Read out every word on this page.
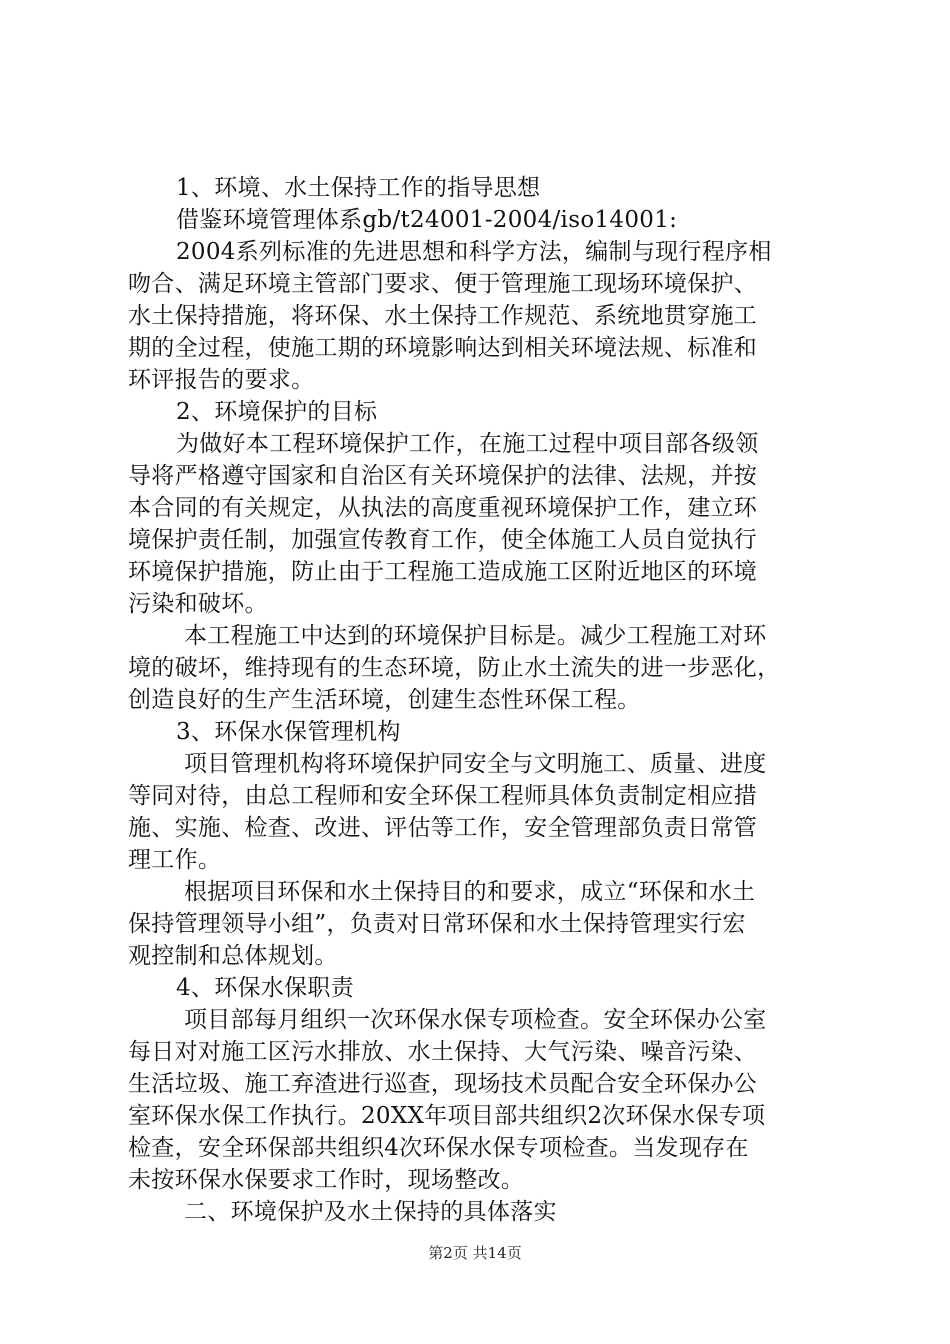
1、环境、水土保持工作的指导思想
借鉴环境管理体系gb/t24001-2004/iso14001:
2004系列标准的先进思想和科学方法，编制与现行程序相
吻合、满足环境主管部门要求、便于管理施工现场环境保护、
水土保持措施，将环保、水土保持工作规范、系统地贯穿施工
期的全过程，使施工期的环境影响达到相关环境法规、标准和
环评报告的要求。
2、环境保护的目标
为做好本工程环境保护工作，在施工过程中项目部各级领
导将严格遵守国家和自治区有关环境保护的法律、法规，并按
本合同的有关规定，从执法的高度重视环境保护工作，建立环
境保护责任制，加强宣传教育工作，使全体施工人员自觉执行
环境保护措施，防止由于工程施工造成施工区附近地区的环境
污染和破坏。
本工程施工中达到的环境保护目标是。减少工程施工对环
境的破坏，维持现有的生态环境，防止水土流失的进一步恶化，
创造良好的生产生活环境，创建生态性环保工程。
3、环保水保管理机构
项目管理机构将环境保护同安全与文明施工、质量、进度
等同对待，由总工程师和安全环保工程师具体负责制定相应措
施、实施、检查、改进、评估等工作，安全管理部负责日常管
理工作。
根据项目环保和水土保持目的和要求，成立“环保和水土
保持管理领导小组”，负责对日常环保和水土保持管理实行宏
观控制和总体规划。
4、环保水保职责
项目部每月组织一次环保水保专项检查。安全环保办公室
每日对对施工区污水排放、水土保持、大气污染、噪音污染、
生活垃圾、施工弃渣进行巡查，现场技术员配合安全环保办公
室环保水保工作执行。20XX年项目部共组织2次环保水保专项
检查，安全环保部共组织4次环保水保专项检查。当发现存在
未按环保水保要求工作时，现场整改。
二、环境保护及水土保持的具体落实
第2页 共14页
